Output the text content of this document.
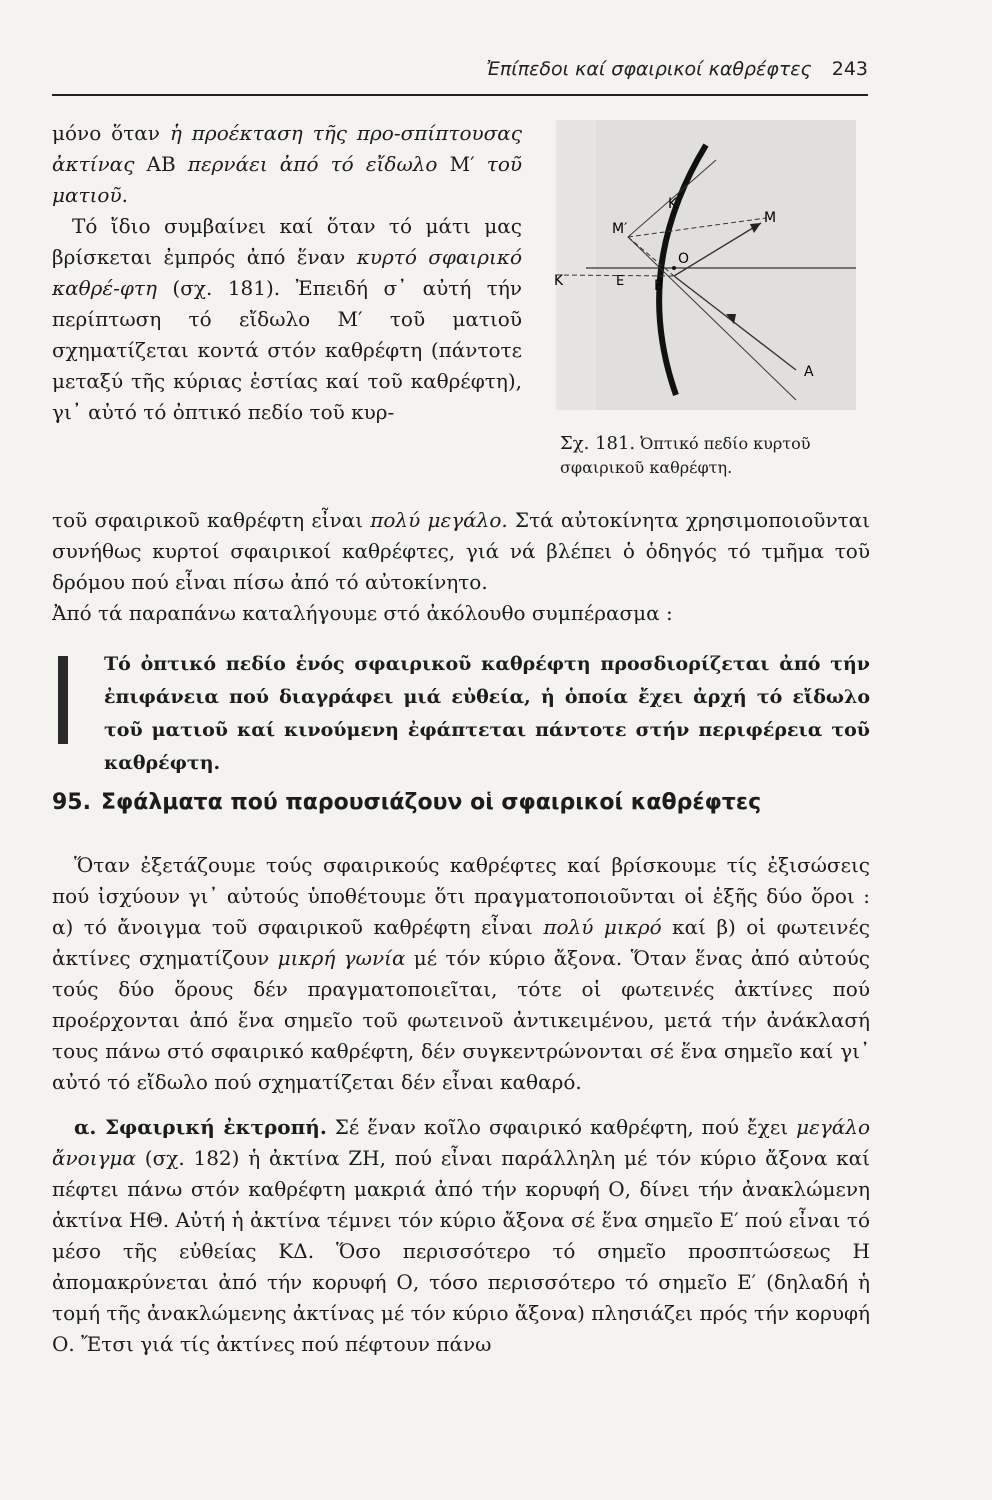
Ἐπίπεδοι καί σφαιρικοί καθρέφτες 243

μόνο ὅταν ἡ προέκταση τῆς προ-σπίπτουσας ἀκτίνας ΑΒ περνάει ἀπό τό εἴδωλο Μ′ τοῦ ματιοῦ.

Τό ἴδιο συμβαίνει καί ὅταν τό μάτι μας βρίσκεται ἐμπρός ἀπό ἕναν κυρτό σφαιρικό καθρέ-φτη (σχ. 181). Ἐπειδή σ᾽ αὐτή τήν περίπτωση τό εἴδωλο Μ′ τοῦ ματιοῦ σχηματίζεται κοντά στόν καθρέφτη (πάντοτε μεταξύ τῆς κύριας ἑστίας καί τοῦ καθρέφτη), γι᾽ αὐτό τό ὀπτικό πεδίο τοῦ κυρ-

K
M
M′
O
K	E B
A
Σχ. 181. Ὀπτικό πεδίο κυρτοῦ σφαιρικοῦ καθρέφτη.

τοῦ σφαιρικοῦ καθρέφτη εἶναι πολύ μεγάλο. Στά αὐτοκίνητα χρησιμοποιοῦνται συνήθως κυρτοί σφαιρικοί καθρέφτες, γιά νά βλέπει ὁ ὁδηγός τό τμῆμα τοῦ δρόμου πού εἶναι πίσω ἀπό τό αὐτοκίνητο.

Ἀπό τά παραπάνω καταλήγουμε στό ἀκόλουθο συμπέρασμα :

Τό ὀπτικό πεδίο ἑνός σφαιρικοῦ καθρέφτη προσδιορίζεται ἀπό τήν ἐπιφάνεια πού διαγράφει μιά εὐθεία, ἡ ὁποία ἔχει ἀρχή τό εἴδωλο τοῦ ματιοῦ καί κινούμενη ἐφάπτεται πάντοτε στήν περιφέρεια τοῦ καθρέφτη.

95. Σφάλματα πού παρουσιάζουν οἱ σφαιρικοί καθρέφτες

Ὅταν ἐξετάζουμε τούς σφαιρικούς καθρέφτες καί βρίσκουμε τίς ἐξισώσεις πού ἰσχύουν γι᾽ αὐτούς ὑποθέτουμε ὅτι πραγματοποιοῦνται οἱ ἑξῆς δύο ὅροι : α) τό ἄνοιγμα τοῦ σφαιρικοῦ καθρέφτη εἶναι πολύ μικρό καί β) οἱ φωτεινές ἀκτίνες σχηματίζουν μικρή γωνία μέ τόν κύριο ἄξονα. Ὅταν ἕνας ἀπό αὐτούς τούς δύο ὅρους δέν πραγματοποιεῖται, τότε οἱ φωτεινές ἀκτίνες πού προέρχονται ἀπό ἕνα σημεῖο τοῦ φωτεινοῦ ἀντικειμένου, μετά τήν ἀνάκλασή τους πάνω στό σφαιρικό καθρέφτη, δέν συγκεντρώνονται σέ ἕνα σημεῖο καί γι᾽ αὐτό τό εἴδωλο πού σχηματίζεται δέν εἶναι καθαρό.

α. Σφαιρική ἐκτροπή. Σέ ἕναν κοῖλο σφαιρικό καθρέφτη, πού ἔχει μεγάλο ἄνοιγμα (σχ. 182) ἡ ἀκτίνα ΖΗ, πού εἶναι παράλληλη μέ τόν κύριο ἄξονα καί πέφτει πάνω στόν καθρέφτη μακριά ἀπό τήν κορυφή Ο, δίνει τήν ἀνακλώμενη ἀκτίνα ΗΘ. Αὐτή ἡ ἀκτίνα τέμνει τόν κύριο ἄξονα σέ ἕνα σημεῖο Ε′ πού εἶναι τό μέσο τῆς εὐθείας ΚΔ. Ὅσο περισσότερο τό σημεῖο προσπτώσεως Η ἀπομακρύνεται ἀπό τήν κορυφή Ο, τόσο περισσότερο τό σημεῖο Ε′ (δηλαδή ἡ τομή τῆς ἀνακλώμενης ἀκτίνας μέ τόν κύριο ἄξονα) πλησιάζει πρός τήν κορυφή Ο. Ἔτσι γιά τίς ἀκτίνες πού πέφτουν πάνω
